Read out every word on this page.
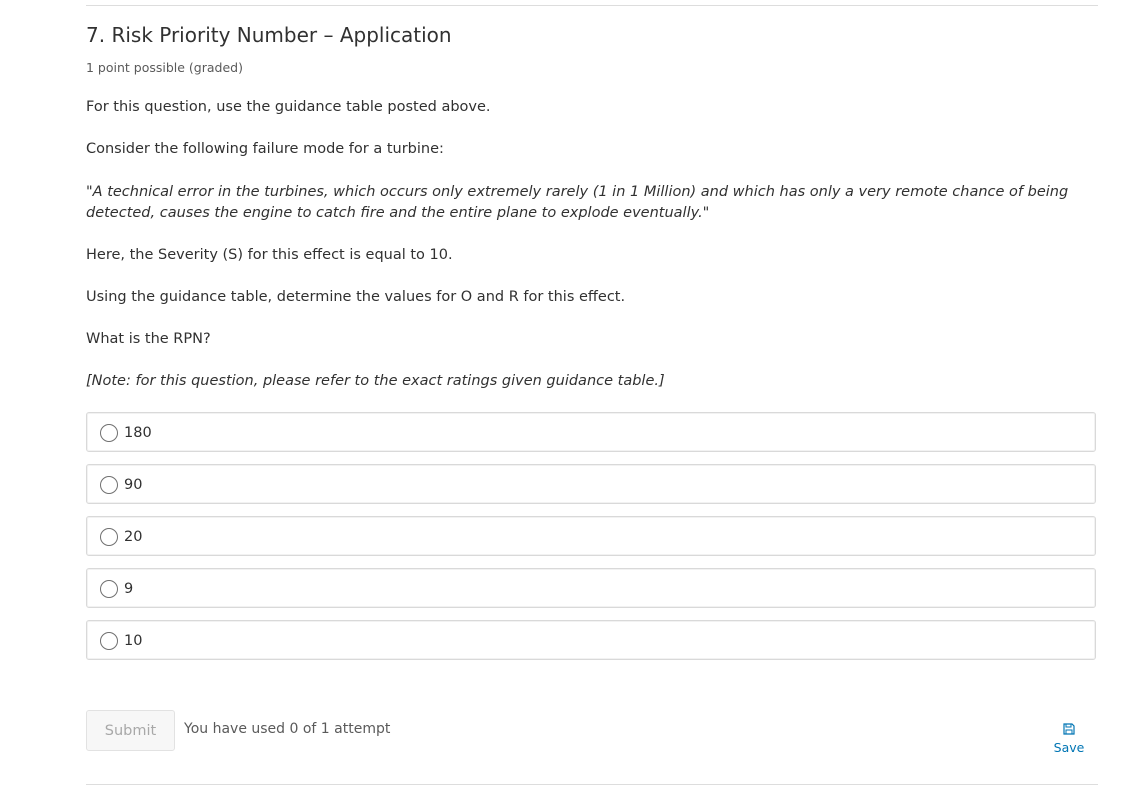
7. Risk Priority Number – Application
1 point possible (graded)

For this question, use the guidance table posted above.

Consider the following failure mode for a turbine:

"A technical error in the turbines, which occurs only extremely rarely (1 in 1 Million) and which has only a very remote chance of being detected, causes the engine to catch fire and the entire plane to explode eventually."

Here, the Severity (S) for this effect is equal to 10.

Using the guidance table, determine the values for O and R for this effect.

What is the RPN?

[Note: for this question, please refer to the exact ratings given guidance table.]

180
90
20
9
10
Submit	You have used 0 of 1 attempt
Save
